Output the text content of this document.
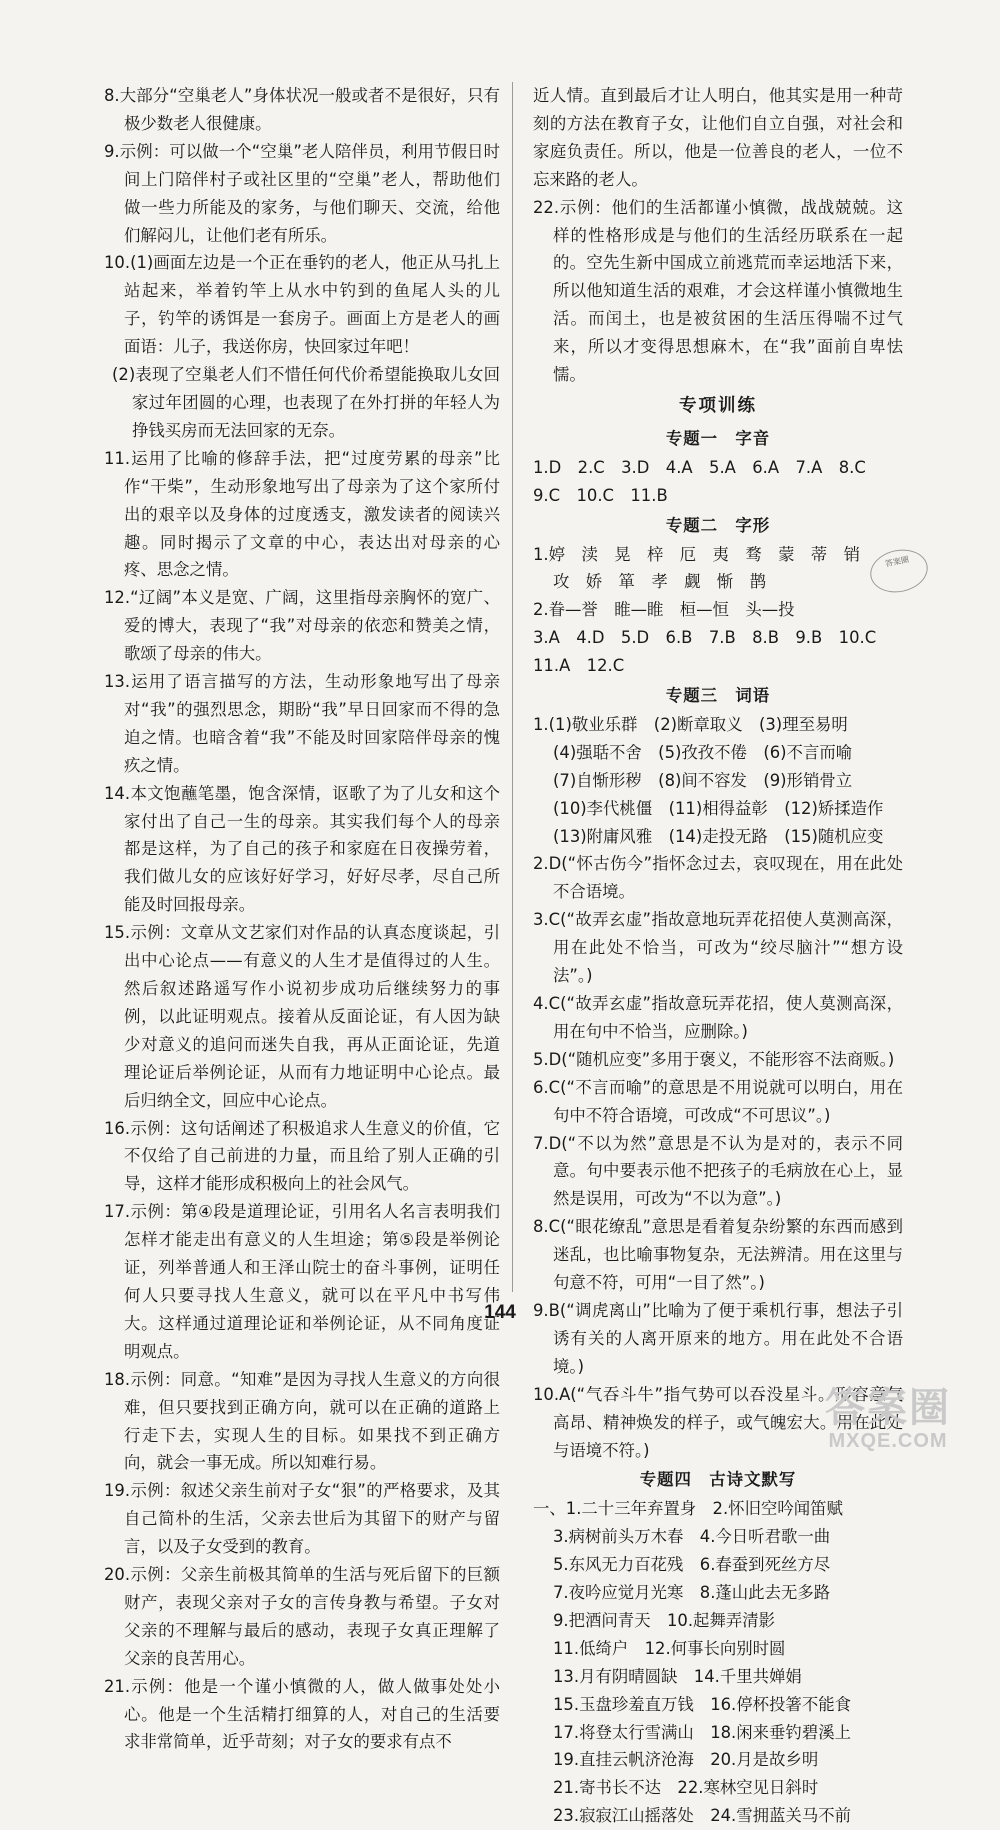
8.大部分“空巢老人”身体状况一般或者不是很好，只有极少数老人很健康。

9.示例：可以做一个“空巢”老人陪伴员，利用节假日时间上门陪伴村子或社区里的“空巢”老人，帮助他们做一些力所能及的家务，与他们聊天、交流，给他们解闷儿，让他们老有所乐。

10.(1)画面左边是一个正在垂钓的老人，他正从马扎上站起来，举着钓竿上从水中钓到的鱼尾人头的儿子，钓竿的诱饵是一套房子。画面上方是老人的画面语：儿子，我送你房，快回家过年吧！

(2)表现了空巢老人们不惜任何代价希望能换取儿女回家过年团圆的心理，也表现了在外打拼的年轻人为挣钱买房而无法回家的无奈。

11.运用了比喻的修辞手法，把“过度劳累的母亲”比作“干柴”，生动形象地写出了母亲为了这个家所付出的艰辛以及身体的过度透支，激发读者的阅读兴趣。同时揭示了文章的中心，表达出对母亲的心疼、思念之情。

12.“辽阔”本义是宽、广阔，这里指母亲胸怀的宽广、爱的博大，表现了“我”对母亲的依恋和赞美之情，歌颂了母亲的伟大。

13.运用了语言描写的方法，生动形象地写出了母亲对“我”的强烈思念，期盼“我”早日回家而不得的急迫之情。也暗含着“我”不能及时回家陪伴母亲的愧疚之情。

14.本文饱蘸笔墨，饱含深情，讴歌了为了儿女和这个家付出了自己一生的母亲。其实我们每个人的母亲都是这样，为了自己的孩子和家庭在日夜操劳着，我们做儿女的应该好好学习，好好尽孝，尽自己所能及时回报母亲。

15.示例：文章从文艺家们对作品的认真态度谈起，引出中心论点——有意义的人生才是值得过的人生。然后叙述路遥写作小说初步成功后继续努力的事例，以此证明观点。接着从反面论证，有人因为缺少对意义的追问而迷失自我，再从正面论证，先道理论证后举例论证，从而有力地证明中心论点。最后归纳全文，回应中心论点。

16.示例：这句话阐述了积极追求人生意义的价值，它不仅给了自己前进的力量，而且给了别人正确的引导，这样才能形成积极向上的社会风气。

17.示例：第④段是道理论证，引用名人名言表明我们怎样才能走出有意义的人生坦途；第⑤段是举例论证，列举普通人和王泽山院士的奋斗事例，证明任何人只要寻找人生意义，就可以在平凡中书写伟大。这样通过道理论证和举例论证，从不同角度证明观点。

18.示例：同意。“知难”是因为寻找人生意义的方向很难，但只要找到正确方向，就可以在正确的道路上行走下去，实现人生的目标。如果找不到正确方向，就会一事无成。所以知难行易。

19.示例：叙述父亲生前对子女“狠”的严格要求，及其自己简朴的生活，父亲去世后为其留下的财产与留言，以及子女受到的教育。

20.示例：父亲生前极其简单的生活与死后留下的巨额财产，表现父亲对子女的言传身教与希望。子女对父亲的不理解与最后的感动，表现子女真正理解了父亲的良苦用心。

21.示例：他是一个谨小慎微的人，做人做事处处小心。他是一个生活精打细算的人，对自己的生活要求非常简单，近乎苛刻；对子女的要求有点不

近人情。直到最后才让人明白，他其实是用一种苛刻的方法在教育子女，让他们自立自强，对社会和家庭负责任。所以，他是一位善良的老人，一位不忘来路的老人。

22.示例：他们的生活都谨小慎微，战战兢兢。这样的性格形成是与他们的生活经历联系在一起的。空先生新中国成立前逃荒而幸运地活下来，所以他知道生活的艰难，才会这样谨小慎微地生活。而闰土，也是被贫困的生活压得喘不过气来，所以才变得思想麻木，在“我”面前自卑怯懦。

专项训练
专题一　字音

1.D　2.C　3.D　4.A　5.A　6.A　7.A　8.C

9.C　10.C　11.B

专题二　字形

1.婷　渎　晃　梓　厄　夷　骛　蒙　蒂　销

攻　娇　箪　孝　觑　惭　鹊

2.眷—誉　睢—睢　桓—恒　头—投

3.A　4.D　5.D　6.B　7.B　8.B　9.B　10.C

11.A　12.C

专题三　词语

1.(1)敬业乐群　(2)断章取义　(3)理至易明

(4)强聒不舍　(5)孜孜不倦　(6)不言而喻

(7)自惭形秽　(8)间不容发　(9)形销骨立

(10)李代桃僵　(11)相得益彰　(12)矫揉造作

(13)附庸风雅　(14)走投无路　(15)随机应变

2.D(“怀古伤今”指怀念过去，哀叹现在，用在此处不合语境。

3.C(“故弄玄虚”指故意地玩弄花招使人莫测高深，用在此处不恰当，可改为“绞尽脑汁”“想方设法”。)

4.C(“故弄玄虚”指故意玩弄花招，使人莫测高深，用在句中不恰当，应删除。)

5.D(“随机应变”多用于褒义，不能形容不法商贩。)

6.C(“不言而喻”的意思是不用说就可以明白，用在句中不符合语境，可改成“不可思议”。)

7.D(“不以为然”意思是不认为是对的，表示不同意。句中要表示他不把孩子的毛病放在心上，显然是误用，可改为“不以为意”。)

8.C(“眼花缭乱”意思是看着复杂纷繁的东西而感到迷乱，也比喻事物复杂，无法辨清。用在这里与句意不符，可用“一目了然”。)

9.B(“调虎离山”比喻为了便于乘机行事，想法子引诱有关的人离开原来的地方。用在此处不合语境。)

10.A(“气吞斗牛”指气势可以吞没星斗。形容意气高昂、精神焕发的样子，或气魄宏大。用在此处与语境不符。)

专题四　古诗文默写

一、1.二十三年弃置身　2.怀旧空吟闻笛赋

3.病树前头万木春　4.今日听君歌一曲

5.东风无力百花残　6.春蚕到死丝方尽

7.夜吟应觉月光寒　8.蓬山此去无多路

9.把酒问青天　10.起舞弄清影

11.低绮户　12.何事长向别时圆

13.月有阴晴圆缺　14.千里共婵娟

15.玉盘珍羞直万钱　16.停杯投箸不能食

17.将登太行雪满山　18.闲来垂钓碧溪上

19.直挂云帆济沧海　20.月是故乡明

21.寄书长不达　22.寒林空见日斜时

23.寂寂江山摇落处　24.雪拥蓝关马不前

答案圈
144
答案圈
MXQE.COM
